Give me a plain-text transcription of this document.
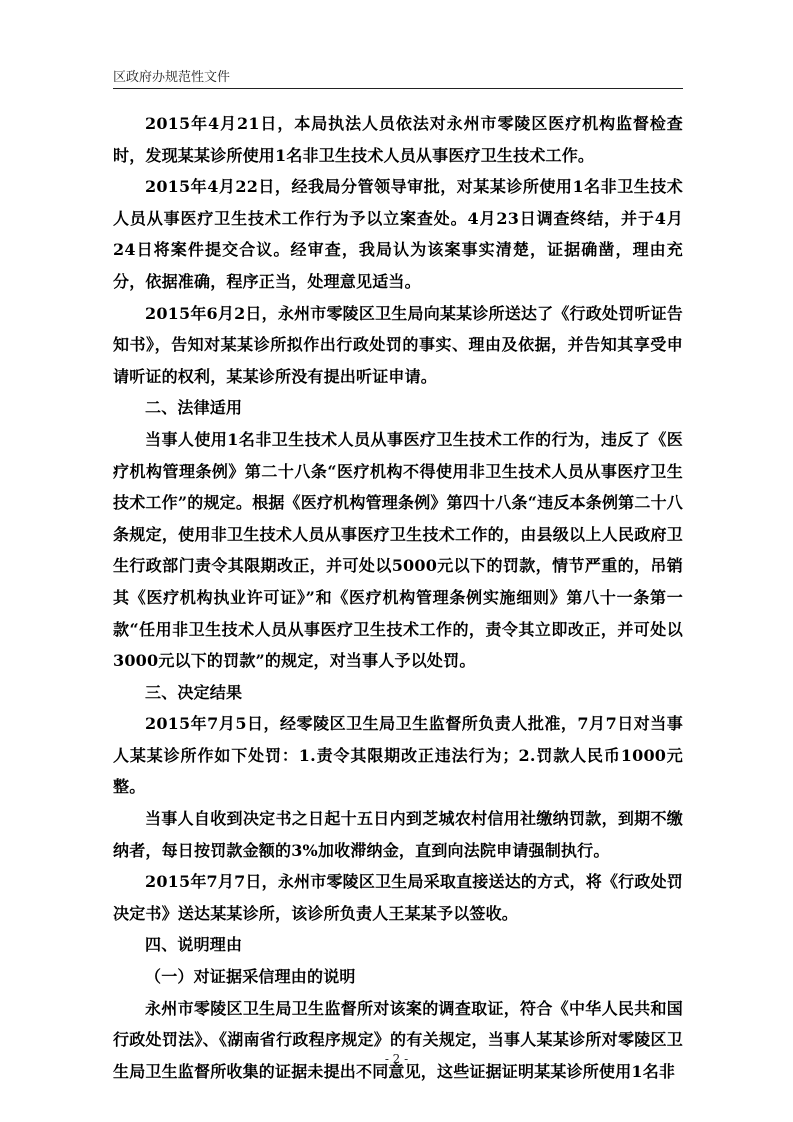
区政府办规范性文件

2015年4月21日，本局执法人员依法对永州市零陵区医疗机构监督检查时，发现某某诊所使用1名非卫生技术人员从事医疗卫生技术工作。

2015年4月22日，经我局分管领导审批，对某某诊所使用1名非卫生技术人员从事医疗卫生技术工作行为予以立案查处。4月23日调查终结，并于4月24日将案件提交合议。经审查，我局认为该案事实清楚，证据确凿，理由充分，依据准确，程序正当，处理意见适当。

2015年6月2日，永州市零陵区卫生局向某某诊所送达了《行政处罚听证告知书》，告知对某某诊所拟作出行政处罚的事实、理由及依据，并告知其享受申请听证的权利，某某诊所没有提出听证申请。

二、法律适用

当事人使用1名非卫生技术人员从事医疗卫生技术工作的行为，违反了《医疗机构管理条例》第二十八条“医疗机构不得使用非卫生技术人员从事医疗卫生技术工作”的规定。根据《医疗机构管理条例》第四十八条“违反本条例第二十八条规定，使用非卫生技术人员从事医疗卫生技术工作的，由县级以上人民政府卫生行政部门责令其限期改正，并可处以5000元以下的罚款，情节严重的，吊销其《医疗机构执业许可证》”和《医疗机构管理条例实施细则》第八十一条第一款“任用非卫生技术人员从事医疗卫生技术工作的，责令其立即改正，并可处以3000元以下的罚款”的规定，对当事人予以处罚。

三、决定结果

2015年7月5日，经零陵区卫生局卫生监督所负责人批准，7月7日对当事人某某诊所作如下处罚：1.责令其限期改正违法行为；2.罚款人民币1000元整。

当事人自收到决定书之日起十五日内到芝城农村信用社缴纳罚款，到期不缴纳者，每日按罚款金额的3%加收滞纳金，直到向法院申请强制执行。

2015年7月7日，永州市零陵区卫生局采取直接送达的方式，将《行政处罚决定书》送达某某诊所，该诊所负责人王某某予以签收。

四、说明理由

（一）对证据采信理由的说明

永州市零陵区卫生局卫生监督所对该案的调查取证，符合《中华人民共和国行政处罚法》、《湖南省行政程序规定》的有关规定，当事人某某诊所对零陵区卫生局卫生监督所收集的证据未提出不同意见，这些证据证明某某诊所使用1名非

- 2 -
